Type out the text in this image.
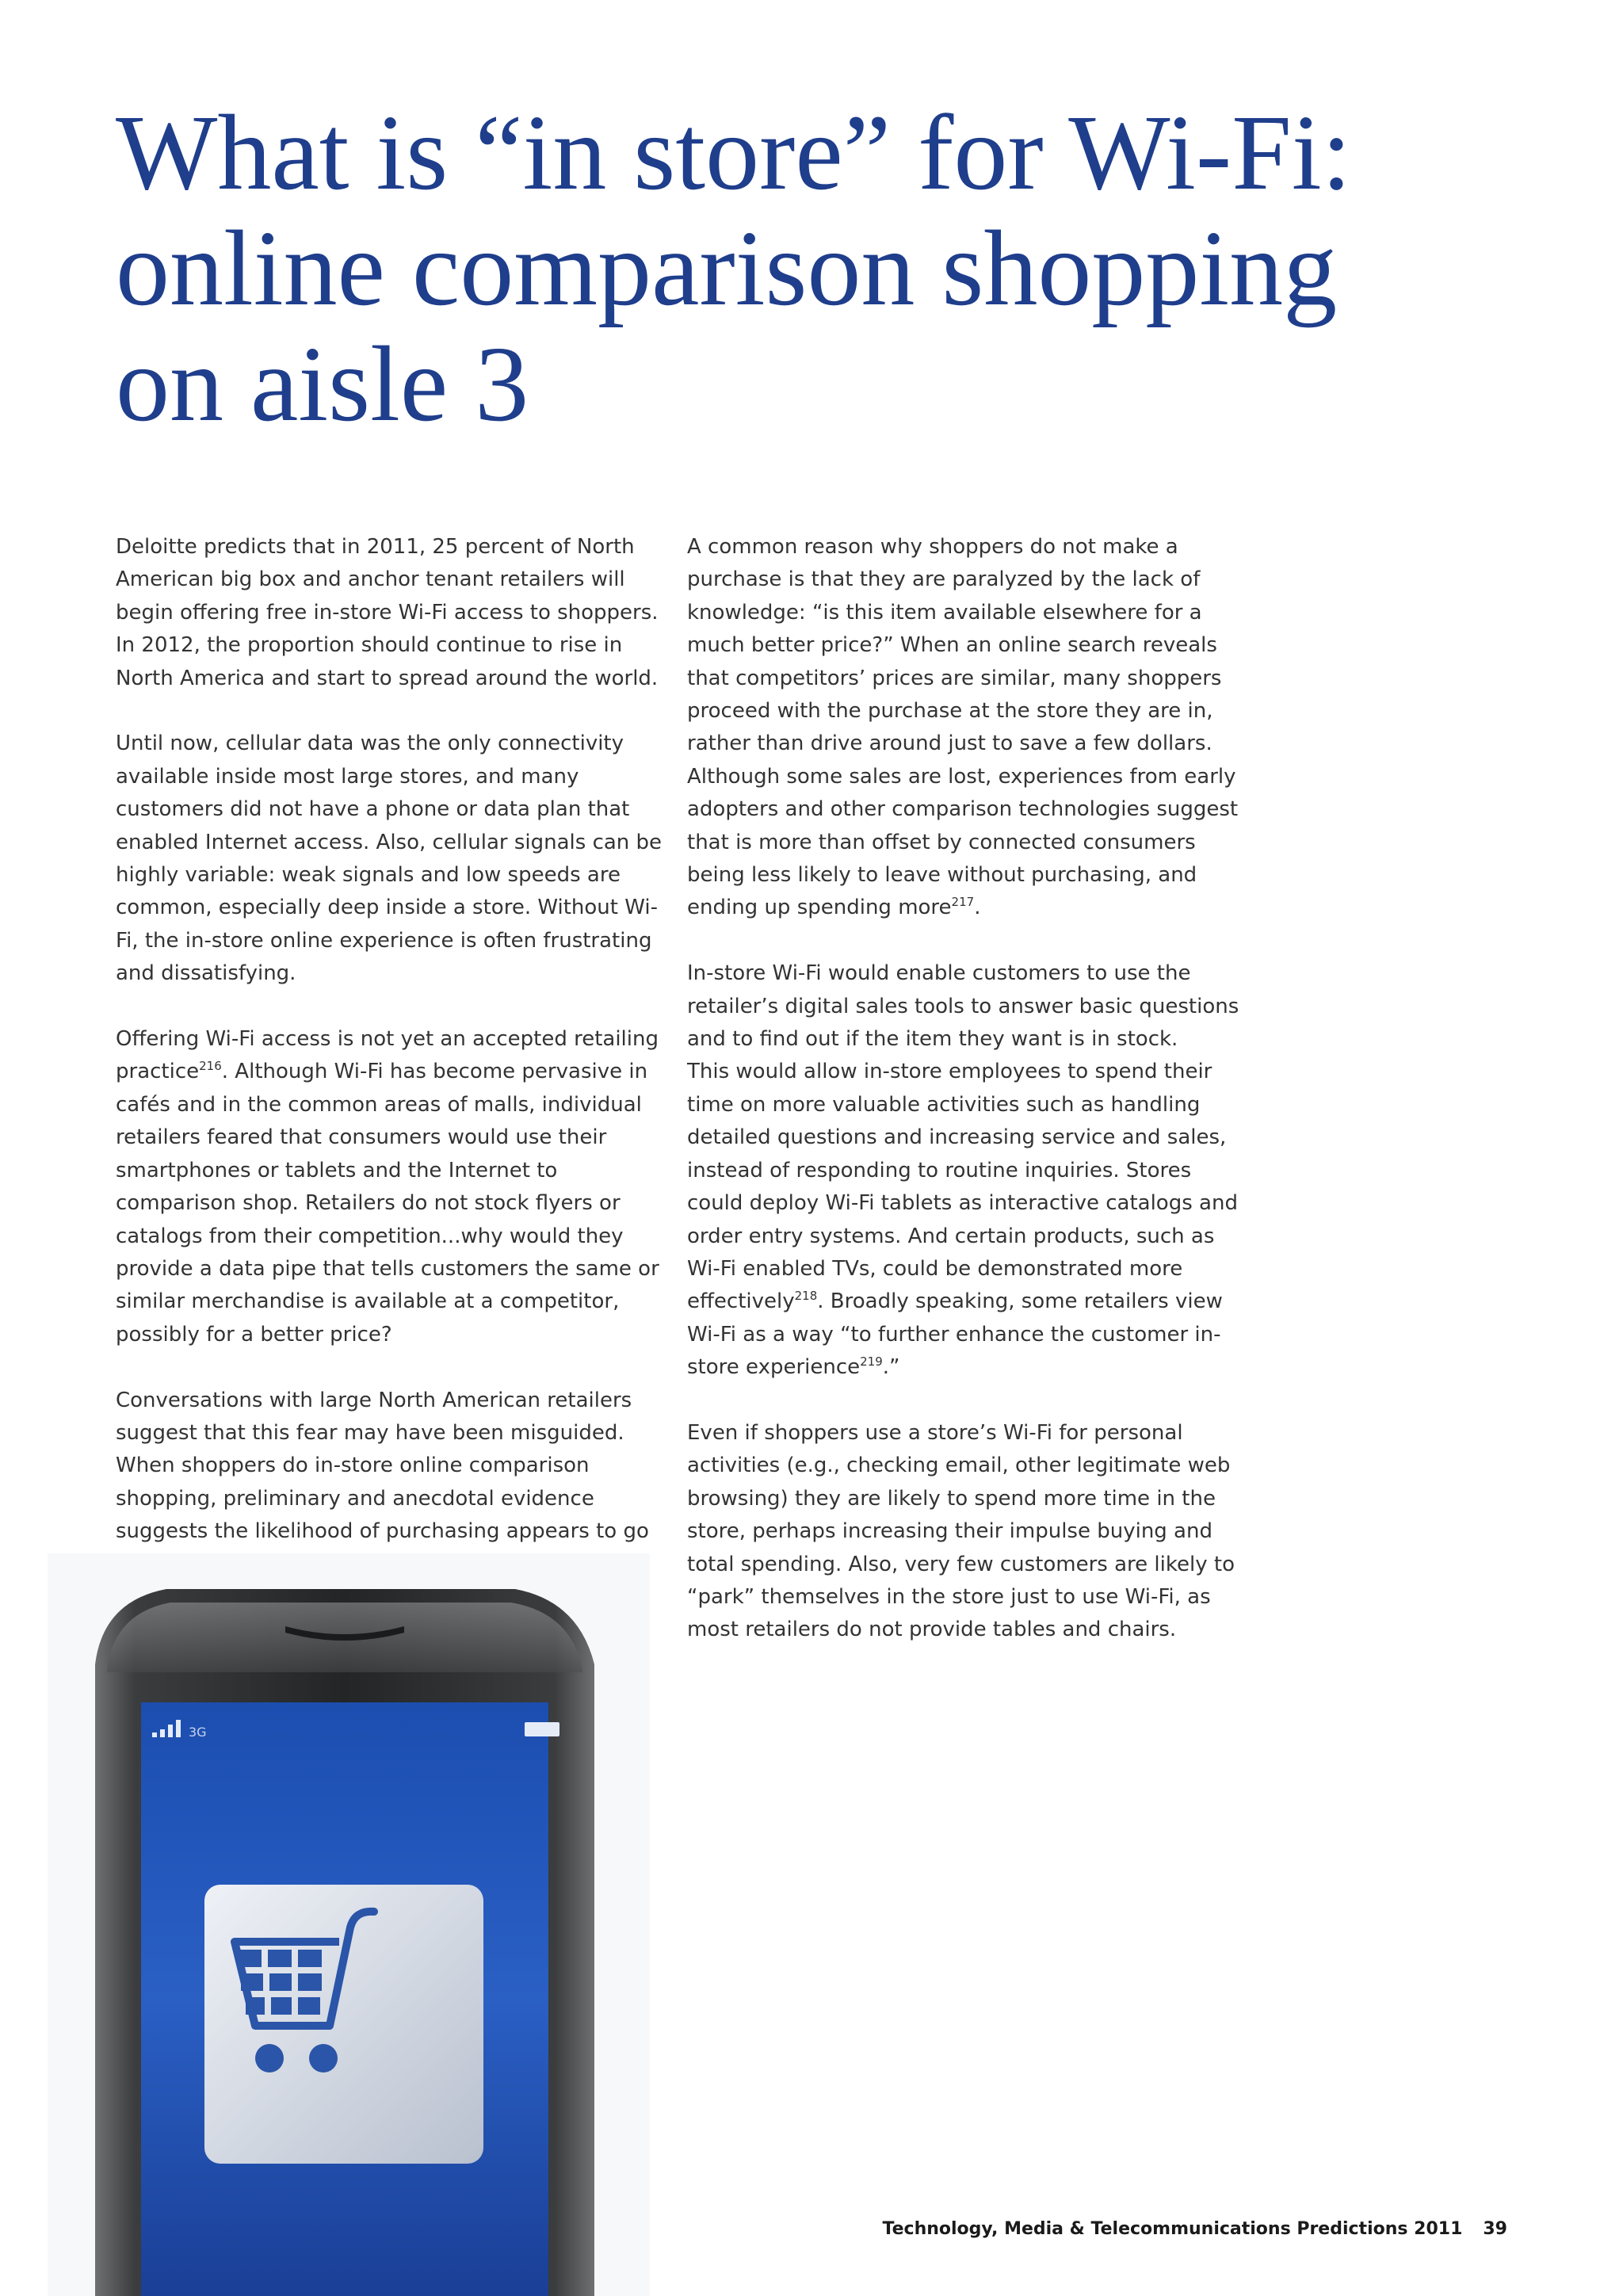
What is “in store” for Wi-Fi:
online comparison shopping
on aisle 3

Deloitte predicts that in 2011, 25 percent of North American big box and anchor tenant retailers will begin offering free in-store Wi-Fi access to shoppers. In 2012, the proportion should continue to rise in North America and start to spread around the world.

Until now, cellular data was the only connectivity available inside most large stores, and many customers did not have a phone or data plan that enabled Internet access. Also, cellular signals can be highly variable: weak signals and low speeds are common, especially deep inside a store. Without Wi-Fi, the in-store online experience is often frustrating and dissatisfying.

Offering Wi-Fi access is not yet an accepted retailing practice$^{216}$. Although Wi-Fi has become pervasive in cafés and in the common areas of malls, individual retailers feared that consumers would use their smartphones or tablets and the Internet to comparison shop. Retailers do not stock flyers or catalogs from their competition...why would they provide a data pipe that tells customers the same or similar merchandise is available at a competitor, possibly for a better price?

Conversations with large North American retailers suggest that this fear may have been misguided. When shoppers do in-store online comparison shopping, preliminary and anecdotal evidence suggests the likelihood of purchasing appears to go

A common reason why shoppers do not make a purchase is that they are paralyzed by the lack of knowledge: “is this item available elsewhere for a much better price?” When an online search reveals that competitors’ prices are similar, many shoppers proceed with the purchase at the store they are in, rather than drive around just to save a few dollars. Although some sales are lost, experiences from early adopters and other comparison technologies suggest that is more than offset by connected consumers being less likely to leave without purchasing, and ending up spending more$^{217}$.

In-store Wi-Fi would enable customers to use the retailer’s digital sales tools to answer basic questions and to find out if the item they want is in stock.
This would allow in-store employees to spend their time on more valuable activities such as handling detailed questions and increasing service and sales, instead of responding to routine inquiries. Stores could deploy Wi-Fi tablets as interactive catalogs and order entry systems. And certain products, such as Wi-Fi enabled TVs, could be demonstrated more effectively$^{218}$. Broadly speaking, some retailers view Wi-Fi as a way “to further enhance the customer in-store experience$^{219}$.”

Even if shoppers use a store’s Wi-Fi for personal activities (e.g., checking email, other legitimate web browsing) they are likely to spend more time in the store, perhaps increasing their impulse buying and total spending. Also, very few customers are likely to “park” themselves in the store just to use Wi-Fi, as most retailers do not provide tables and chairs.

3G
Technology, Media & Telecommunications Predictions 2011 39
